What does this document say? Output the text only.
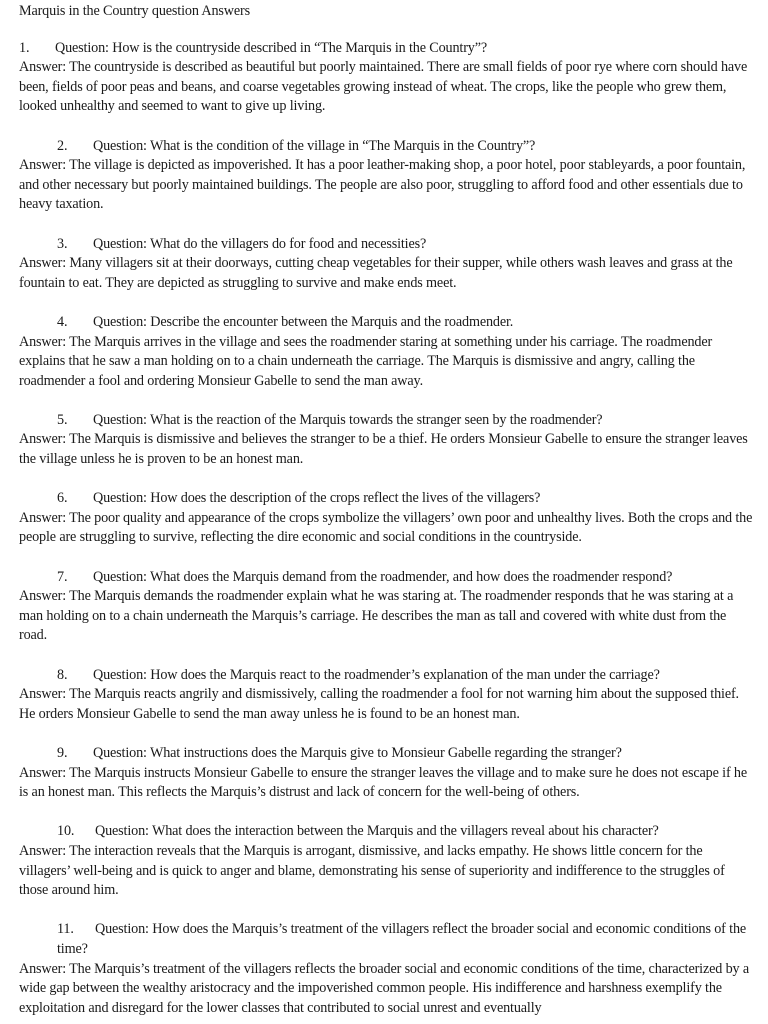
Marquis in the Country question Answers
1. Question: How is the countryside described in “The Marquis in the Country”?
Answer: The countryside is described as beautiful but poorly maintained. There are small fields of poor rye where corn should have been, fields of poor peas and beans, and coarse vegetables growing instead of wheat. The crops, like the people who grew them, looked unhealthy and seemed to want to give up living.
2. Question: What is the condition of the village in “The Marquis in the Country”?
Answer: The village is depicted as impoverished. It has a poor leather-making shop, a poor hotel, poor stableyards, a poor fountain, and other necessary but poorly maintained buildings. The people are also poor, struggling to afford food and other essentials due to heavy taxation.
3. Question: What do the villagers do for food and necessities?
Answer: Many villagers sit at their doorways, cutting cheap vegetables for their supper, while others wash leaves and grass at the fountain to eat. They are depicted as struggling to survive and make ends meet.
4. Question: Describe the encounter between the Marquis and the roadmender.
Answer: The Marquis arrives in the village and sees the roadmender staring at something under his carriage. The roadmender explains that he saw a man holding on to a chain underneath the carriage. The Marquis is dismissive and angry, calling the roadmender a fool and ordering Monsieur Gabelle to send the man away.
5. Question: What is the reaction of the Marquis towards the stranger seen by the roadmender?
Answer: The Marquis is dismissive and believes the stranger to be a thief. He orders Monsieur Gabelle to ensure the stranger leaves the village unless he is proven to be an honest man.
6. Question: How does the description of the crops reflect the lives of the villagers?
Answer: The poor quality and appearance of the crops symbolize the villagers’ own poor and unhealthy lives. Both the crops and the people are struggling to survive, reflecting the dire economic and social conditions in the countryside.
7. Question: What does the Marquis demand from the roadmender, and how does the roadmender respond?
Answer: The Marquis demands the roadmender explain what he was staring at. The roadmender responds that he was staring at a man holding on to a chain underneath the Marquis’s carriage. He describes the man as tall and covered with white dust from the road.
8. Question: How does the Marquis react to the roadmender’s explanation of the man under the carriage?
Answer: The Marquis reacts angrily and dismissively, calling the roadmender a fool for not warning him about the supposed thief. He orders Monsieur Gabelle to send the man away unless he is found to be an honest man.
9. Question: What instructions does the Marquis give to Monsieur Gabelle regarding the stranger?
Answer: The Marquis instructs Monsieur Gabelle to ensure the stranger leaves the village and to make sure he does not escape if he is an honest man. This reflects the Marquis’s distrust and lack of concern for the well-being of others.
10. Question: What does the interaction between the Marquis and the villagers reveal about his character?
Answer: The interaction reveals that the Marquis is arrogant, dismissive, and lacks empathy. He shows little concern for the villagers’ well-being and is quick to anger and blame, demonstrating his sense of superiority and indifference to the struggles of those around him.
11. Question: How does the Marquis’s treatment of the villagers reflect the broader social and economic conditions of the time?
Answer: The Marquis’s treatment of the villagers reflects the broader social and economic conditions of the time, characterized by a wide gap between the wealthy aristocracy and the impoverished common people. His indifference and harshness exemplify the exploitation and disregard for the lower classes that contributed to social unrest and eventually
